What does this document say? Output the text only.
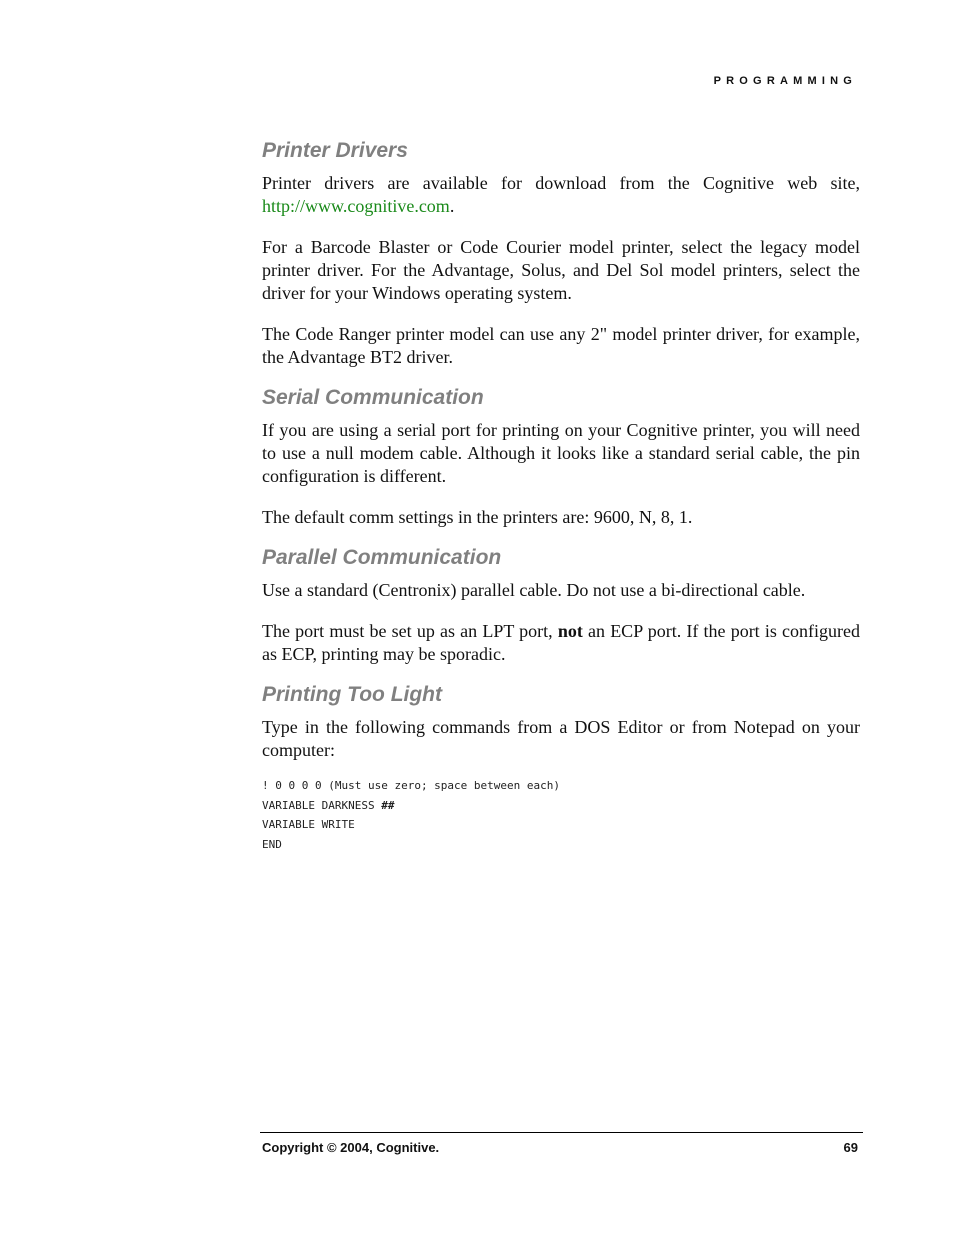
PROGRAMMING
Printer Drivers

Printer drivers are available for download from the Cognitive web site, http://www.cognitive.com.

For a Barcode Blaster or Code Courier model printer, select the legacy model printer driver. For the Advantage, Solus, and Del Sol model printers, select the driver for your Windows operating system.

The Code Ranger printer model can use any 2" model printer driver, for example, the Advantage BT2 driver.

Serial Communication

If you are using a serial port for printing on your Cognitive printer, you will need to use a null modem cable. Although it looks like a standard serial cable, the pin configuration is different.

The default comm settings in the printers are: 9600, N, 8, 1.

Parallel Communication

Use a standard (Centronix) parallel cable. Do not use a bi-directional cable.

The port must be set up as an LPT port, not an ECP port. If the port is configured as ECP, printing may be sporadic.

Printing Too Light

Type in the following commands from a DOS Editor or from Notepad on your computer:

! 0 0 0 0 (Must use zero; space between each)
VARIABLE DARKNESS ##
VARIABLE WRITE
END
Copyright © 2004, Cognitive.	69
